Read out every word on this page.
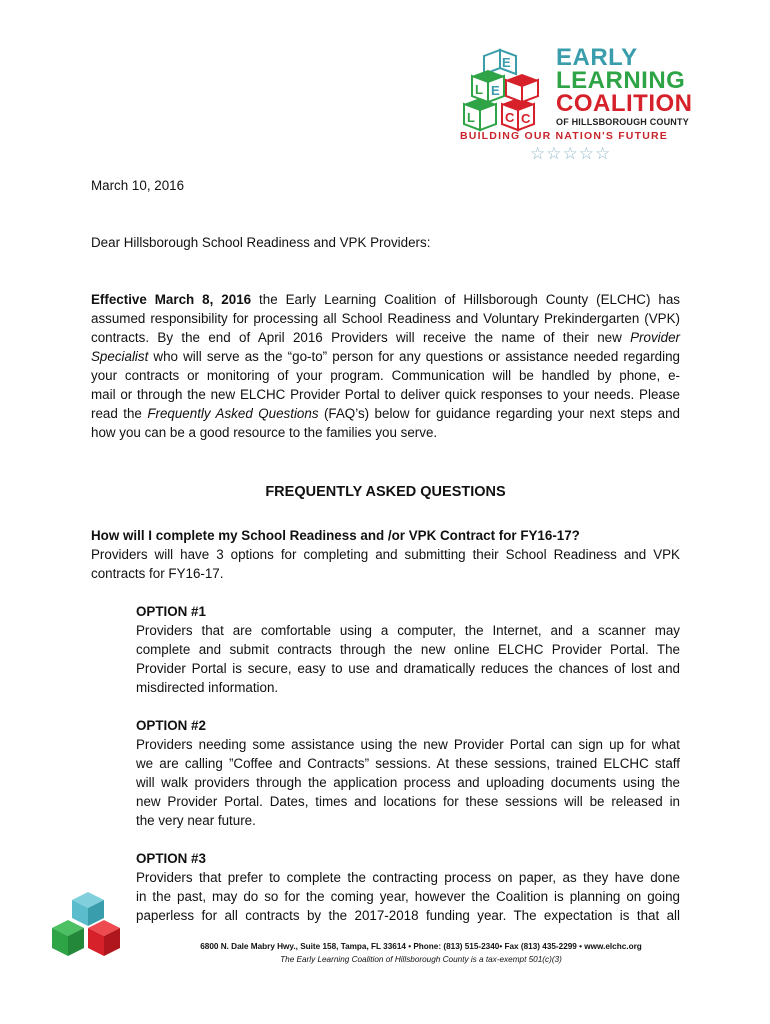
E
L E
L C C
EARLY
LEARNING
COALITION
OF HILLSBOROUGH COUNTY
BUILDING OUR NATION'S FUTURE
☆☆☆☆☆
March 10, 2016
Dear Hillsborough School Readiness and VPK Providers:
Effective March 8, 2016 the Early Learning Coalition of Hillsborough County (ELCHC) has
assumed responsibility for processing all School Readiness and Voluntary Prekindergarten (VPK)
contracts. By the end of April 2016 Providers will receive the name of their new Provider
Specialist who will serve as the “go-to” person for any questions or assistance needed regarding
your contracts or monitoring of your program. Communication will be handled by phone, e-
mail or through the new ELCHC Provider Portal to deliver quick responses to your needs. Please
read the Frequently Asked Questions (FAQ’s) below for guidance regarding your next steps and
how you can be a good resource to the families you serve.
FREQUENTLY ASKED QUESTIONS
How will I complete my School Readiness and /or VPK Contract for FY16-17?
Providers will have 3 options for completing and submitting their School Readiness and VPK
contracts for FY16-17.
OPTION #1
Providers that are comfortable using a computer, the Internet, and a scanner may
complete and submit contracts through the new online ELCHC Provider Portal. The
Provider Portal is secure, easy to use and dramatically reduces the chances of lost and
misdirected information.
OPTION #2
Providers needing some assistance using the new Provider Portal can sign up for what
we are calling ”Coffee and Contracts” sessions. At these sessions, trained ELCHC staff
will walk providers through the application process and uploading documents using the
new Provider Portal. Dates, times and locations for these sessions will be released in
the very near future.
OPTION #3
Providers that prefer to complete the contracting process on paper, as they have done
in the past, may do so for the coming year, however the Coalition is planning on going
paperless for all contracts by the 2017-2018 funding year. The expectation is that all
6800 N. Dale Mabry Hwy., Suite 158, Tampa, FL 33614 • Phone: (813) 515-2340• Fax (813) 435-2299 • www.elchc.org
The Early Learning Coalition of Hillsborough County is a tax-exempt 501(c)(3)
